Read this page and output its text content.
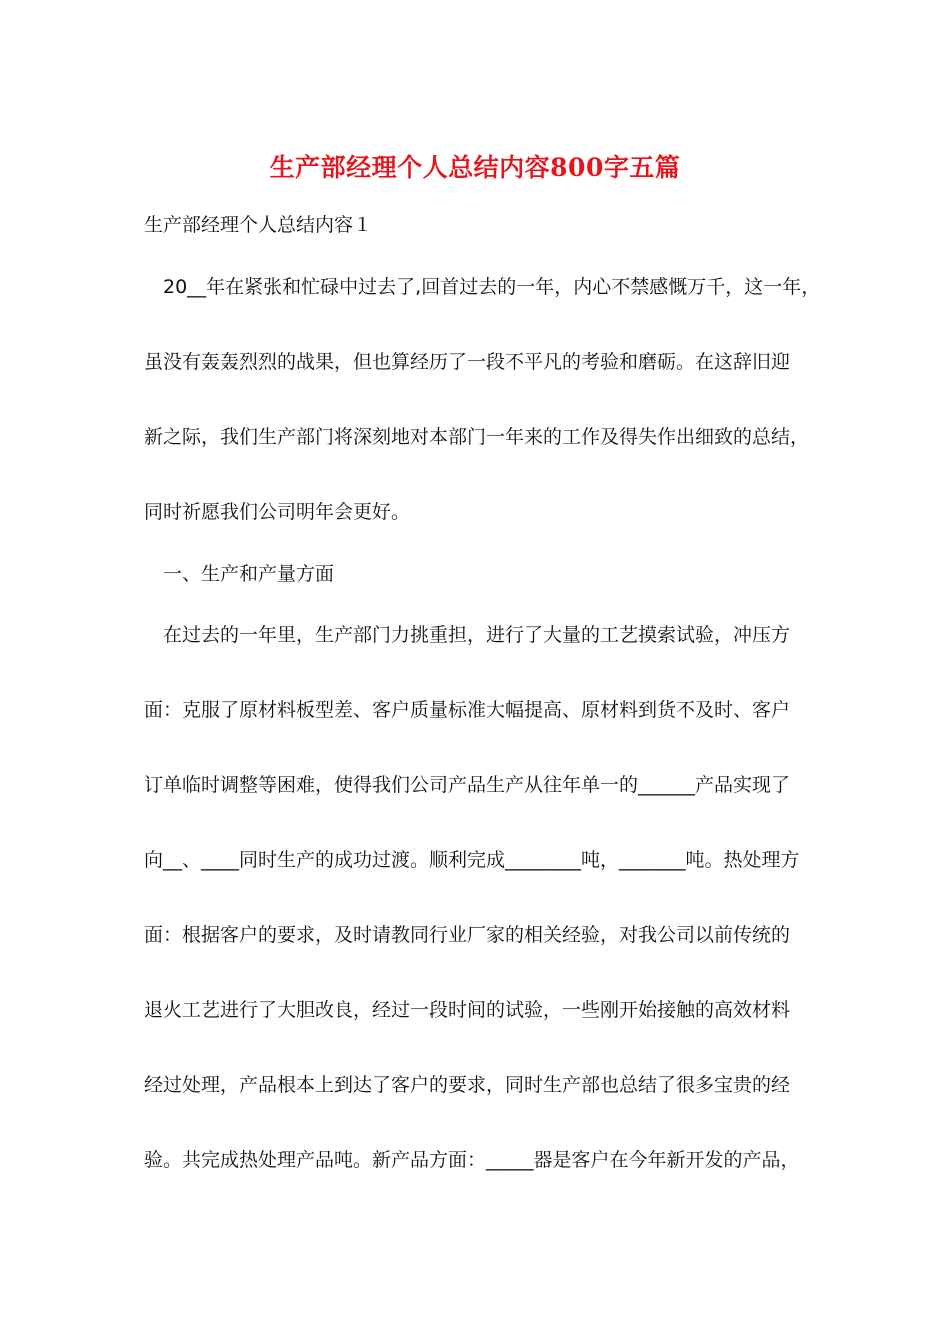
生产部经理个人总结内容800字五篇
生产部经理个人总结内容１
20__年在紧张和忙碌中过去了,回首过去的一年，内心不禁感慨万千，这一年，
虽没有轰轰烈烈的战果，但也算经历了一段不平凡的考验和磨砺。在这辞旧迎
新之际，我们生产部门将深刻地对本部门一年来的工作及得失作出细致的总结，
同时祈愿我们公司明年会更好。
一、生产和产量方面
在过去的一年里，生产部门力挑重担，进行了大量的工艺摸索试验，冲压方
面：克服了原材料板型差、客户质量标准大幅提高、原材料到货不及时、客户
订单临时调整等困难，使得我们公司产品生产从往年单一的______产品实现了
向__、____同时生产的成功过渡。顺利完成________吨，_______吨。热处理方
面：根据客户的要求，及时请教同行业厂家的相关经验，对我公司以前传统的
退火工艺进行了大胆改良，经过一段时间的试验，一些刚开始接触的高效材料
经过处理，产品根本上到达了客户的要求，同时生产部也总结了很多宝贵的经
验。共完成热处理产品吨。新产品方面：_____器是客户在今年新开发的产品，
